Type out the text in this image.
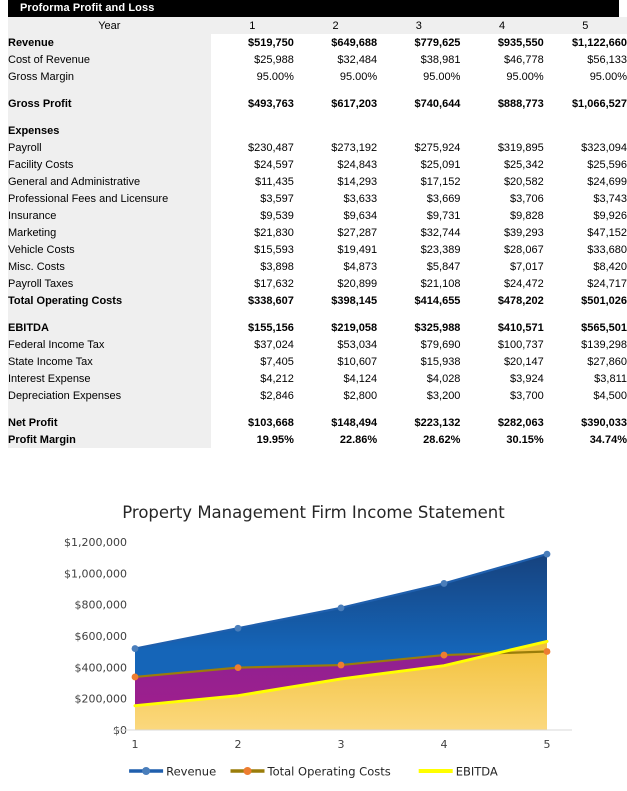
Proforma Profit and Loss
Year	1	2	3	4	5
Revenue	$519,750	$649,688	$779,625	$935,550	$1,122,660
Cost of Revenue	$25,988	$32,484	$38,981	$46,778	$56,133
Gross Margin	95.00%	95.00%	95.00%	95.00%	95.00%

Gross Profit	$493,763	$617,203	$740,644	$888,773	$1,066,527

Expenses					
Payroll	$230,487	$273,192	$275,924	$319,895	$323,094
Facility Costs	$24,597	$24,843	$25,091	$25,342	$25,596
General and Administrative	$11,435	$14,293	$17,152	$20,582	$24,699
Professional Fees and Licensure	$3,597	$3,633	$3,669	$3,706	$3,743
Insurance	$9,539	$9,634	$9,731	$9,828	$9,926
Marketing	$21,830	$27,287	$32,744	$39,293	$47,152
Vehicle Costs	$15,593	$19,491	$23,389	$28,067	$33,680
Misc. Costs	$3,898	$4,873	$5,847	$7,017	$8,420
Payroll Taxes	$17,632	$20,899	$21,108	$24,472	$24,717
Total Operating Costs	$338,607	$398,145	$414,655	$478,202	$501,026

EBITDA	$155,156	$219,058	$325,988	$410,571	$565,501
Federal Income Tax	$37,024	$53,034	$79,690	$100,737	$139,298
State Income Tax	$7,405	$10,607	$15,938	$20,147	$27,860
Interest Expense	$4,212	$4,124	$4,028	$3,924	$3,811
Depreciation Expenses	$2,846	$2,800	$3,200	$3,700	$4,500

Net Profit	$103,668	$148,494	$223,132	$282,063	$390,033
Profit Margin	19.95%	22.86%	28.62%	30.15%	34.74%
Property Management Firm Income Statement
$0
$200,000
$400,000
$600,000
$800,000
$1,000,000
$1,200,000
1	2	3	4	5
Revenue	Total Operating Costs	EBITDA
